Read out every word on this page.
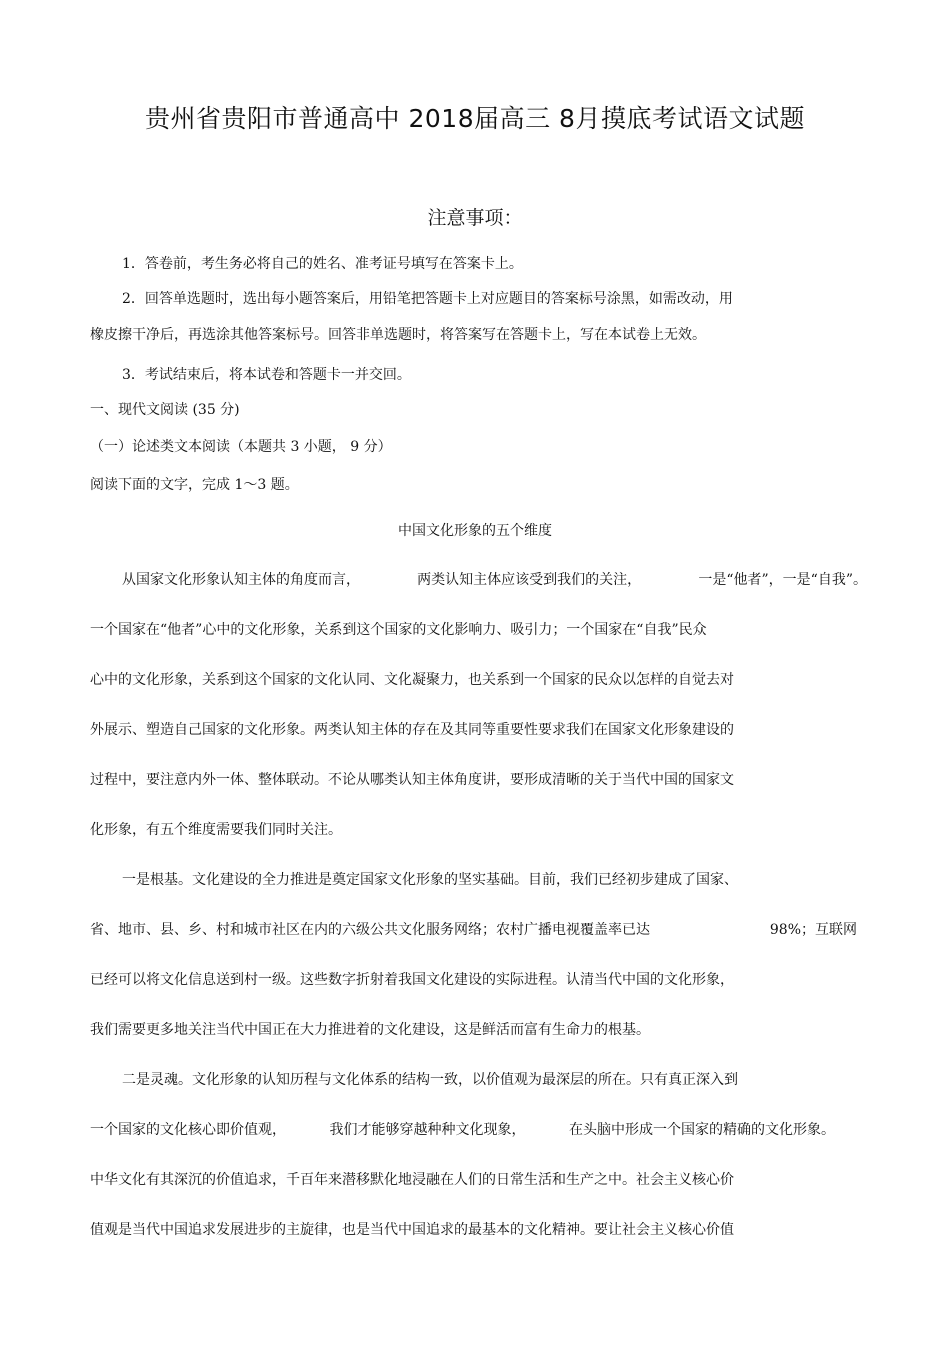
贵州省贵阳市普通高中 2018届高三 8月摸底考试语文试题
注意事项：
1．答卷前，考生务必将自己的姓名、准考证号填写在答案卡上。
2．回答单选题时，选出每小题答案后，用铅笔把答题卡上对应题目的答案标号涂黑，如需改动，用
橡皮擦干净后，再选涂其他答案标号。回答非单选题时，将答案写在答题卡上，写在本试卷上无效。
3．考试结束后，将本试卷和答题卡一并交回。
一、现代文阅读 (35 分)
（一）论述类文本阅读（本题共 3 小题， 9 分）
阅读下面的文字，完成 1～3 题。
中国文化形象的五个维度
从国家文化形象认知主体的角度而言，	两类认知主体应该受到我们的关注，	一是“他者”，一是“自我”。
一个国家在“他者”心中的文化形象，关系到这个国家的文化影响力、吸引力；一个国家在“自我”民众
心中的文化形象，关系到这个国家的文化认同、文化凝聚力，也关系到一个国家的民众以怎样的自觉去对
外展示、塑造自己国家的文化形象。两类认知主体的存在及其同等重要性要求我们在国家文化形象建设的
过程中，要注意内外一体、整体联动。不论从哪类认知主体角度讲，要形成清晰的关于当代中国的国家文
化形象，有五个维度需要我们同时关注。
一是根基。文化建设的全力推进是奠定国家文化形象的坚实基础。目前，我们已经初步建成了国家、
省、地市、县、乡、村和城市社区在内的六级公共文化服务网络；农村广播电视覆盖率已达	98%；互联网
已经可以将文化信息送到村一级。这些数字折射着我国文化建设的实际进程。认清当代中国的文化形象，
我们需要更多地关注当代中国正在大力推进着的文化建设，这是鲜活而富有生命力的根基。
二是灵魂。文化形象的认知历程与文化体系的结构一致，以价值观为最深层的所在。只有真正深入到
一个国家的文化核心即价值观，	我们才能够穿越种种文化现象，	在头脑中形成一个国家的精确的文化形象。
中华文化有其深沉的价值追求，千百年来潜移默化地浸融在人们的日常生活和生产之中。社会主义核心价
值观是当代中国追求发展进步的主旋律，也是当代中国追求的最基本的文化精神。要让社会主义核心价值
